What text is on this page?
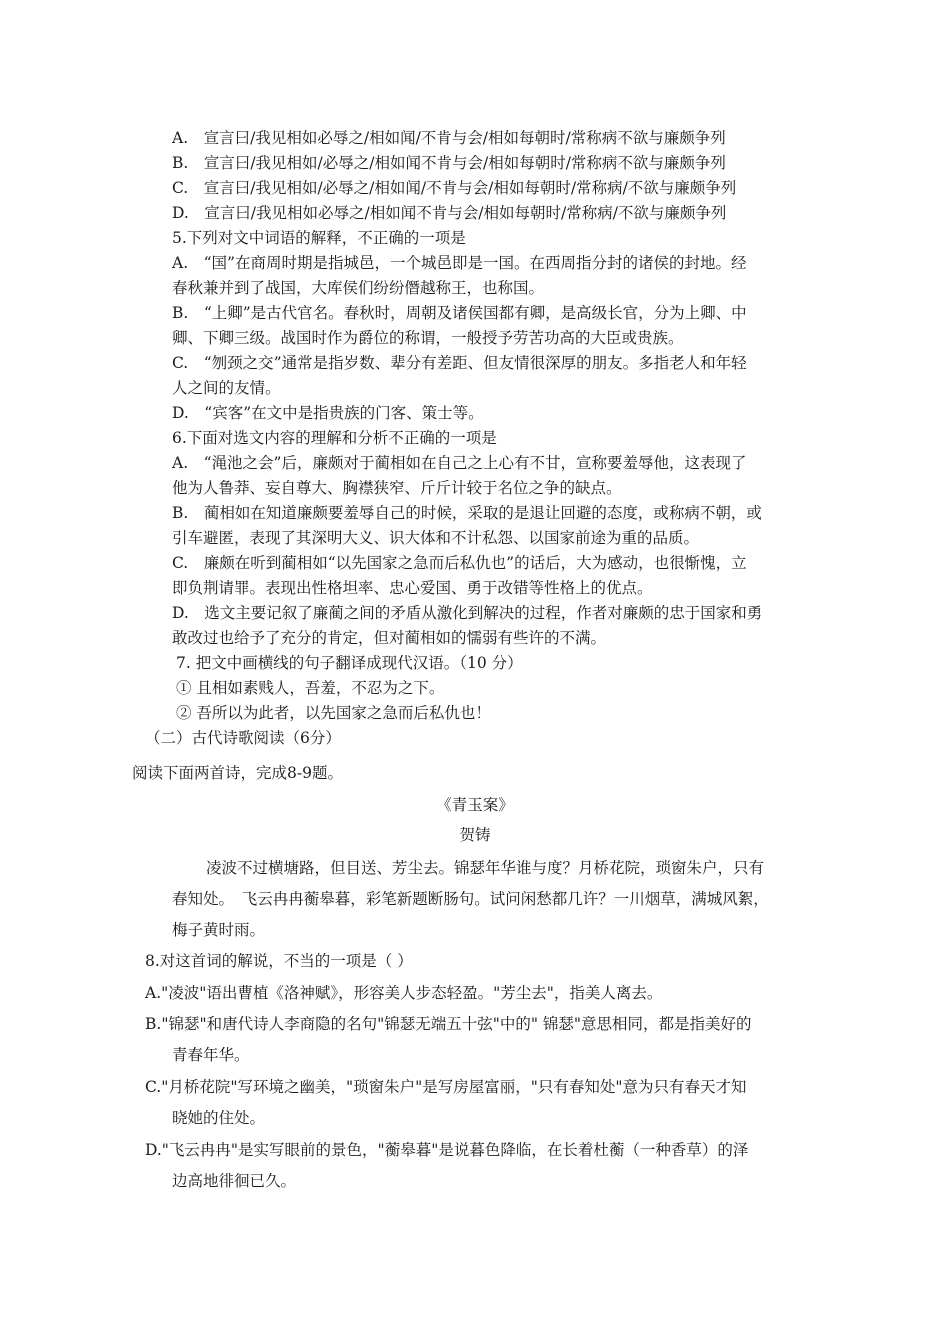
A.　宣言曰/我见相如必辱之/相如闻/不肯与会/相如每朝时/常称病不欲与廉颇争列
B.　宣言曰/我见相如/必辱之/相如闻不肯与会/相如每朝时/常称病不欲与廉颇争列
C.　宣言曰/我见相如/必辱之/相如闻/不肯与会/相如每朝时/常称病/不欲与廉颇争列
D.　宣言曰/我见相如必辱之/相如闻不肯与会/相如每朝时/常称病/不欲与廉颇争列
5.下列对文中词语的解释，不正确的一项是
A.　“国”在商周时期是指城邑，一个城邑即是一国。在西周指分封的诸侯的封地。经
春秋兼并到了战国，大库侯们纷纷僭越称王，也称国。
B.　“上卿”是古代官名。春秋时，周朝及诸侯国都有卿，是高级长官，分为上卿、中
卿、下卿三级。战国时作为爵位的称谓，一般授予劳苦功高的大臣或贵族。
C.　“刎颈之交”通常是指岁数、辈分有差距、但友情很深厚的朋友。多指老人和年轻
人之间的友情。
D.　“宾客”在文中是指贵族的门客、策士等。
6.下面对选文内容的理解和分析不正确的一项是
A.　“渑池之会”后，廉颇对于蔺相如在自己之上心有不甘，宣称要羞辱他，这表现了
他为人鲁莽、妄自尊大、胸襟狭窄、斤斤计较于名位之争的缺点。
B.　蔺相如在知道廉颇要羞辱自己的时候，采取的是退让回避的态度，或称病不朝，或
引车避匿，表现了其深明大义、识大体和不计私怨、以国家前途为重的品质。
C.　廉颇在听到蔺相如“以先国家之急而后私仇也”的话后，大为感动，也很惭愧，立
即负荆请罪。表现出性格坦率、忠心爱国、勇于改错等性格上的优点。
D.　选文主要记叙了廉蔺之间的矛盾从激化到解决的过程，作者对廉颇的忠于国家和勇
敢改过也给予了充分的肯定，但对蔺相如的懦弱有些许的不满。
7. 把文中画横线的句子翻译成现代汉语。（10 分）
① 且相如素贱人，吾羞，不忍为之下。
② 吾所以为此者，以先国家之急而后私仇也！
（二）古代诗歌阅读（6分）
阅读下面两首诗，完成8-9题。
《青玉案》
贺铸
凌波不过横塘路，但目送、芳尘去。锦瑟年华谁与度？月桥花院，琐窗朱户，只有
春知处。　飞云冉冉蘅皋暮，彩笔新题断肠句。试问闲愁都几许？一川烟草，满城风絮，
梅子黄时雨。
8.对这首词的解说，不当的一项是（ ）
A."凌波"语出曹植《洛神赋》，形容美人步态轻盈。"芳尘去"，指美人离去。
B."锦瑟"和唐代诗人李商隐的名句"锦瑟无端五十弦"中的" 锦瑟"意思相同，都是指美好的
青春年华。
C."月桥花院"写环境之幽美，"琐窗朱户"是写房屋富丽，"只有春知处"意为只有春天才知
晓她的住处。
D."飞云冉冉"是实写眼前的景色，"蘅皋暮"是说暮色降临，在长着杜蘅（一种香草）的泽
边高地徘徊已久。
